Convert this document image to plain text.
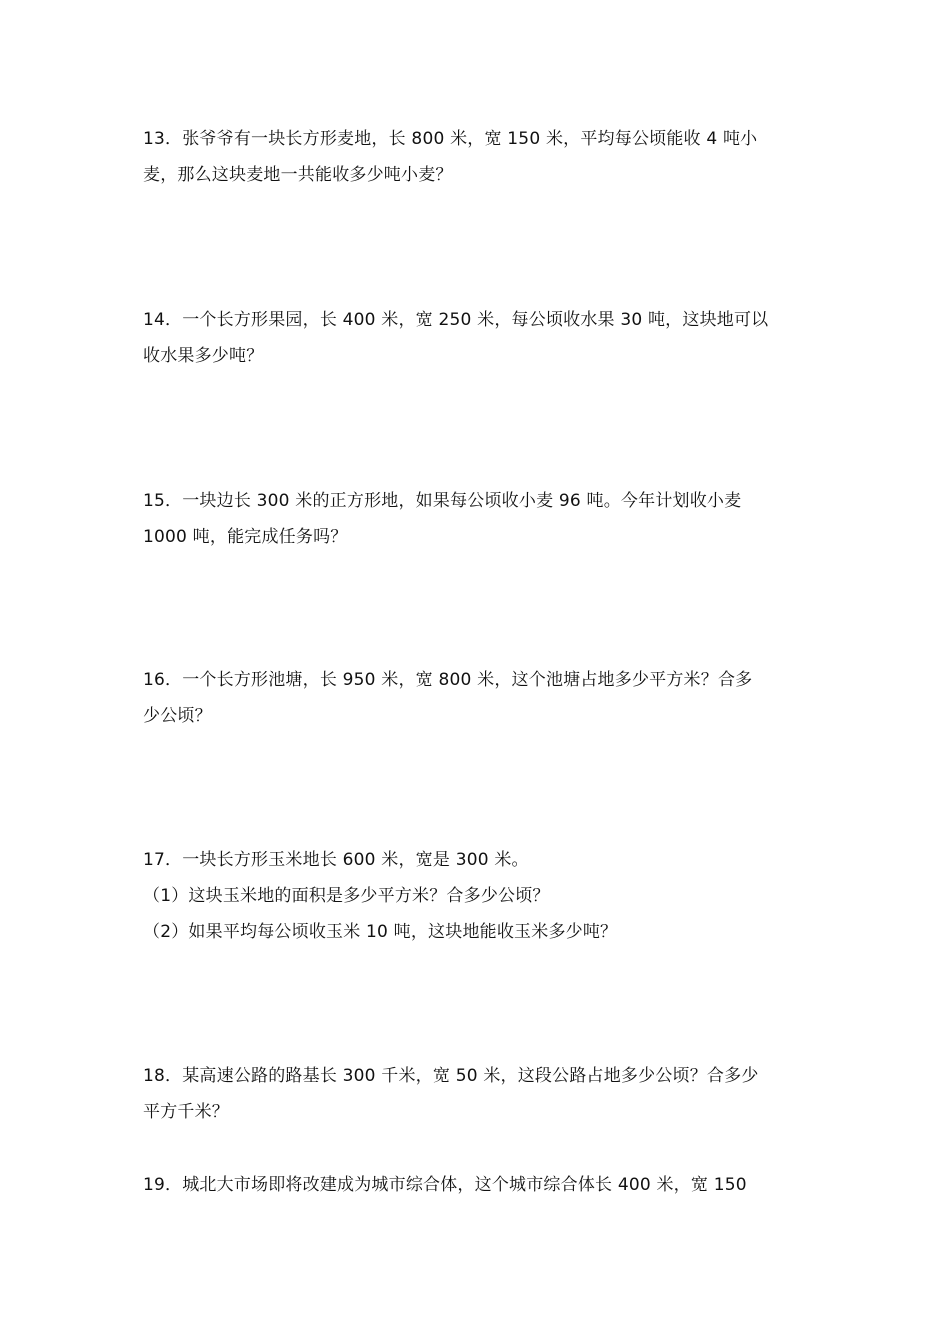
13．张爷爷有一块长方形麦地，长 800 米，宽 150 米，平均每公顷能收 4 吨小
麦，那么这块麦地一共能收多少吨小麦？
14．一个长方形果园，长 400 米，宽 250 米，每公顷收水果 30 吨，这块地可以
收水果多少吨？
15．一块边长 300 米的正方形地，如果每公顷收小麦 96 吨。今年计划收小麦
1000 吨，能完成任务吗？
16．一个长方形池塘，长 950 米，宽 800 米，这个池塘占地多少平方米？合多
少公顷？
17．一块长方形玉米地长 600 米，宽是 300 米。
（1）这块玉米地的面积是多少平方米？合多少公顷？
（2）如果平均每公顷收玉米 10 吨，这块地能收玉米多少吨？
18．某高速公路的路基长 300 千米，宽 50 米，这段公路占地多少公顷？合多少
平方千米？
19．城北大市场即将改建成为城市综合体，这个城市综合体长 400 米，宽 150
